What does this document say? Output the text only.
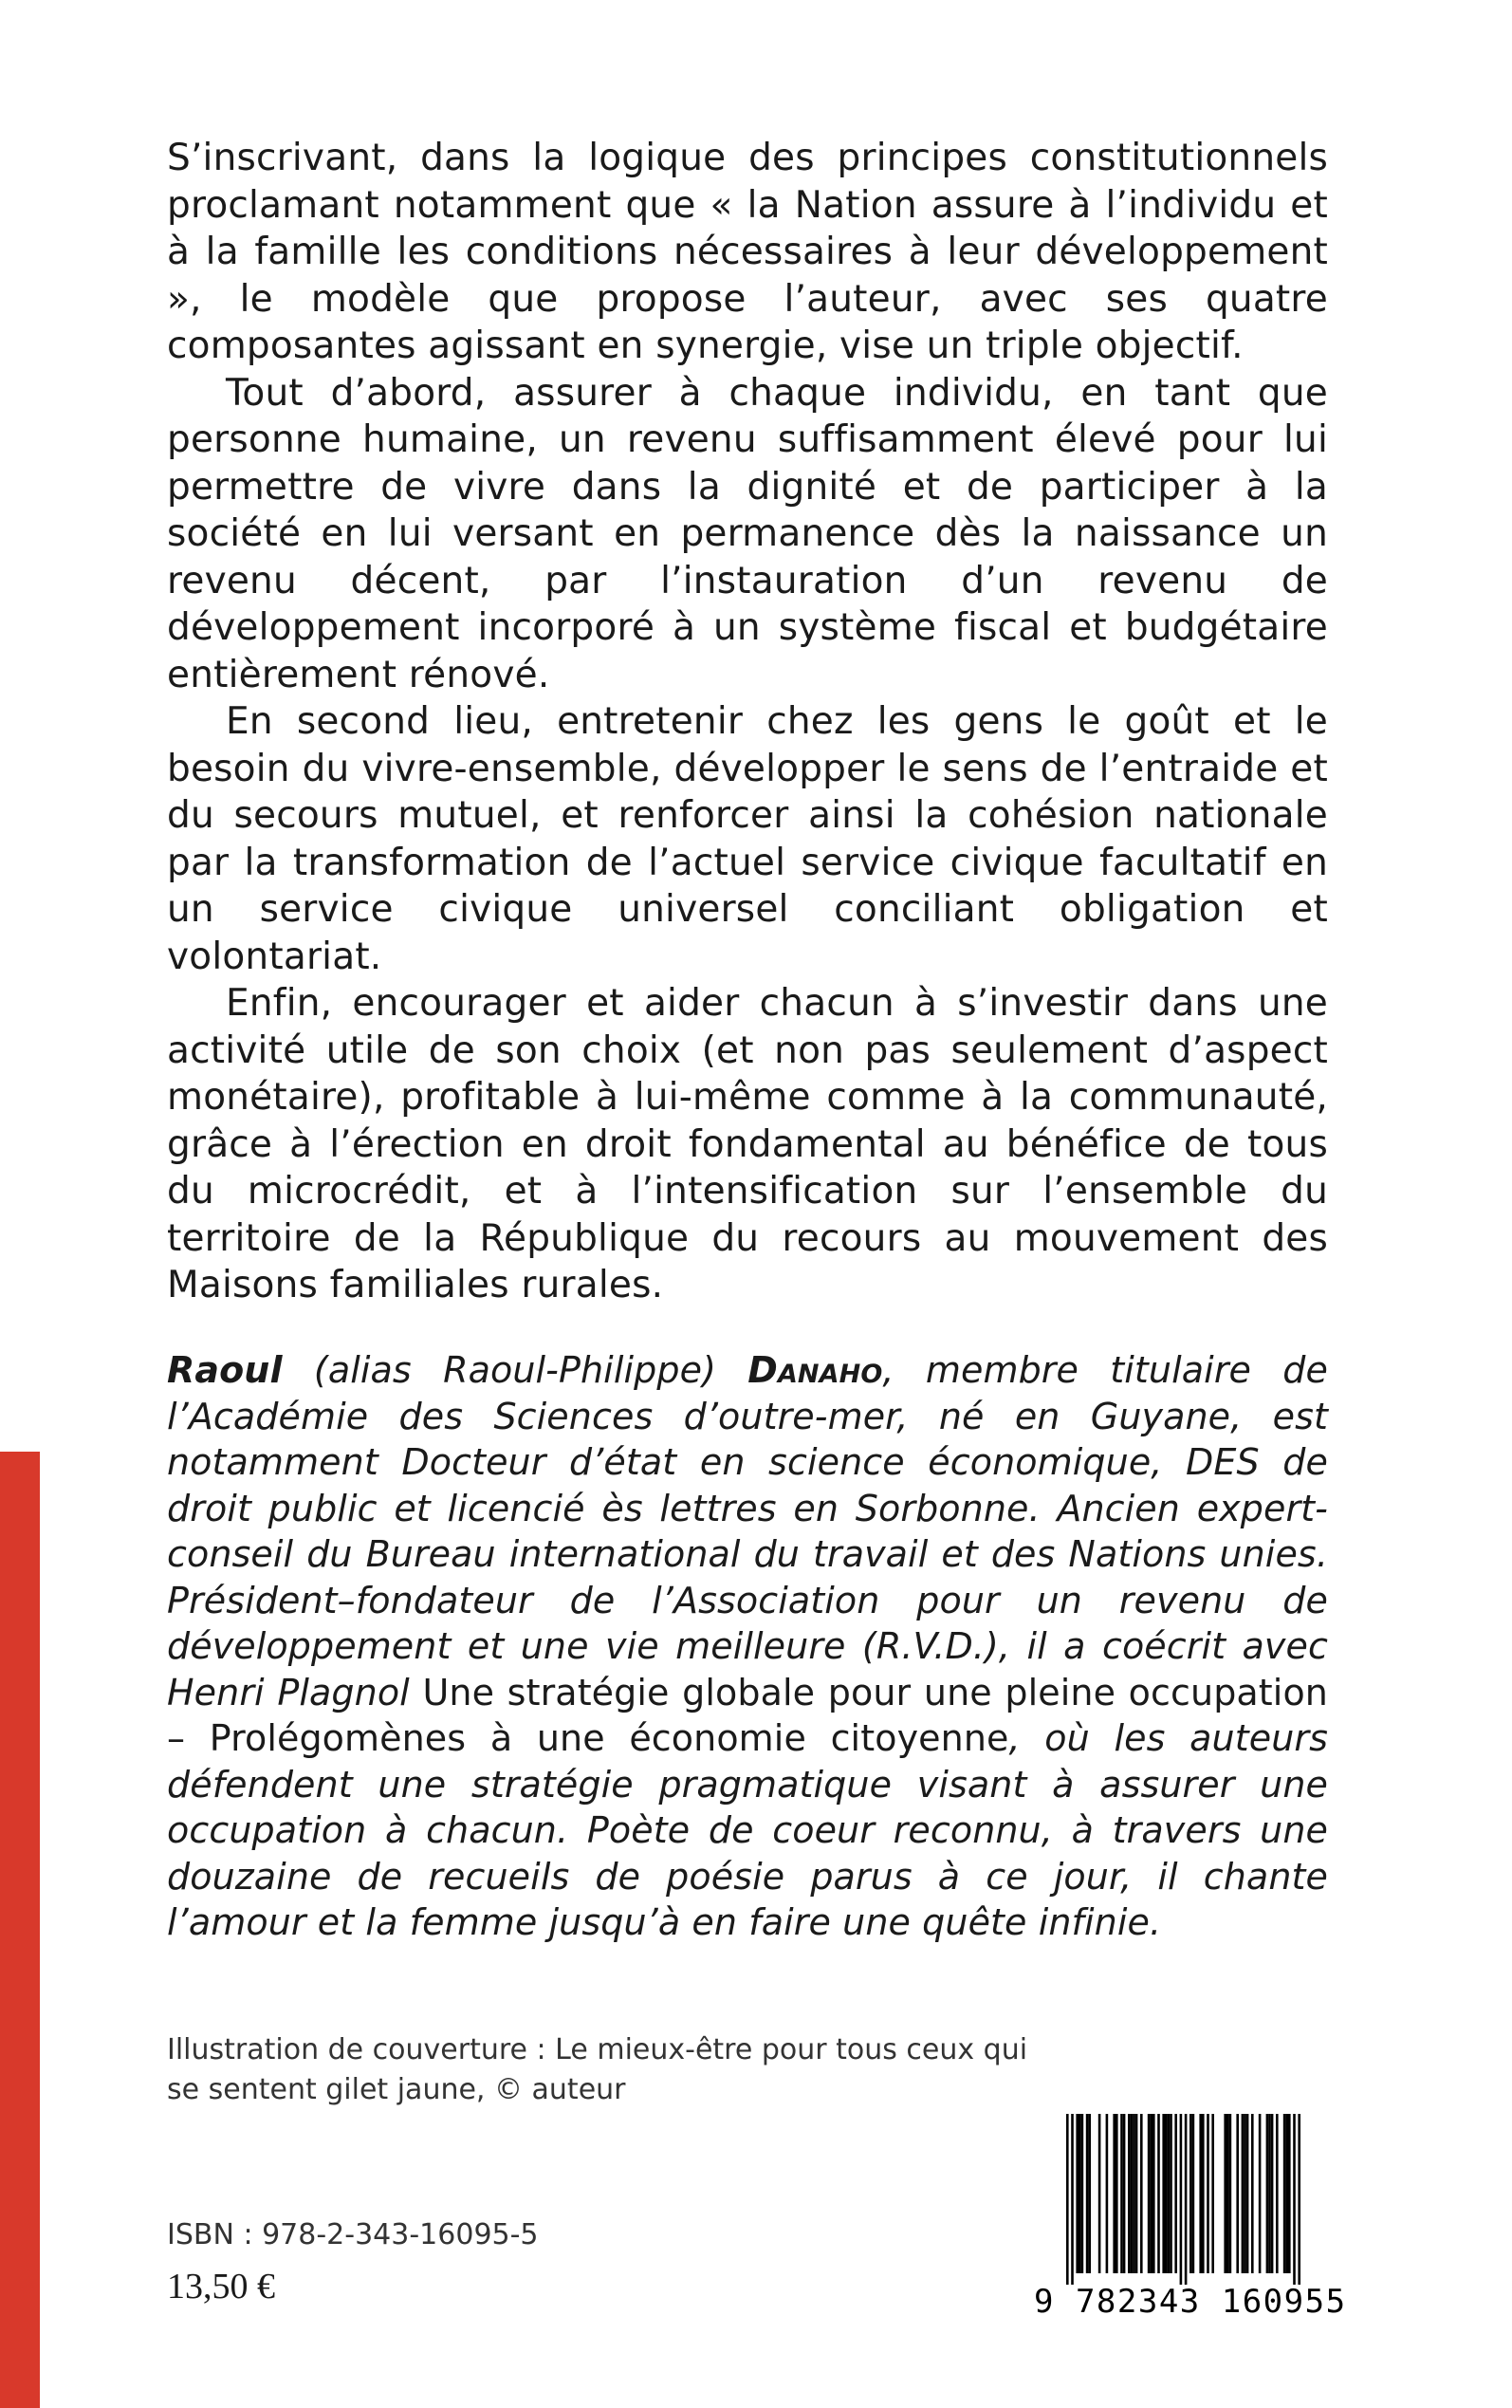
S’inscrivant, dans la logique des principes constitutionnels proclamant notamment que « la Nation assure à l’individu et à la famille les conditions nécessaires à leur développement », le modèle que propose l’auteur, avec ses quatre composantes agissant en synergie, vise un triple objectif.

Tout d’abord, assurer à chaque individu, en tant que personne humaine, un revenu suffisamment élevé pour lui permettre de vivre dans la dignité et de participer à la société en lui versant en permanence dès la naissance un revenu décent, par l’instauration d’un revenu de développement incorporé à un système fiscal et budgétaire entièrement rénové.

En second lieu, entretenir chez les gens le goût et le besoin du vivre-ensemble, développer le sens de l’entraide et du secours mutuel, et renforcer ainsi la cohésion nationale par la transformation de l’actuel service civique facultatif en un service civique universel conciliant obligation et volontariat.

Enfin, encourager et aider chacun à s’investir dans une activité utile de son choix (et non pas seulement d’aspect monétaire), profitable à lui-même comme à la communauté, grâce à l’érection en droit fondamental au bénéfice de tous du microcrédit, et à l’intensification sur l’ensemble du territoire de la République du recours au mouvement des Maisons familiales rurales.

Raoul (alias Raoul-Philippe) Danaho, membre titulaire de l’Académie des Sciences d’outre-mer, né en Guyane, est notamment Docteur d’état en science économique, DES de droit public et licencié ès lettres en Sorbonne. Ancien expert-conseil du Bureau international du travail et des Nations unies. Président–fondateur de l’Association pour un revenu de développement et une vie meilleure (R.V.D.), il a coécrit avec Henri Plagnol Une stratégie globale pour une pleine occupation – Prolégomènes à une économie citoyenne, où les auteurs défendent une stratégie pragmatique visant à assurer une occupation à chacun. Poète de coeur reconnu, à travers une douzaine de recueils de poésie parus à ce jour, il chante l’amour et la femme jusqu’à en faire une quête infinie.

Illustration de couverture : Le mieux-être pour tous ceux qui se sentent gilet jaune, © auteur
ISBN : 978-2-343-16095-5
13,50 €	9 782343 160955
